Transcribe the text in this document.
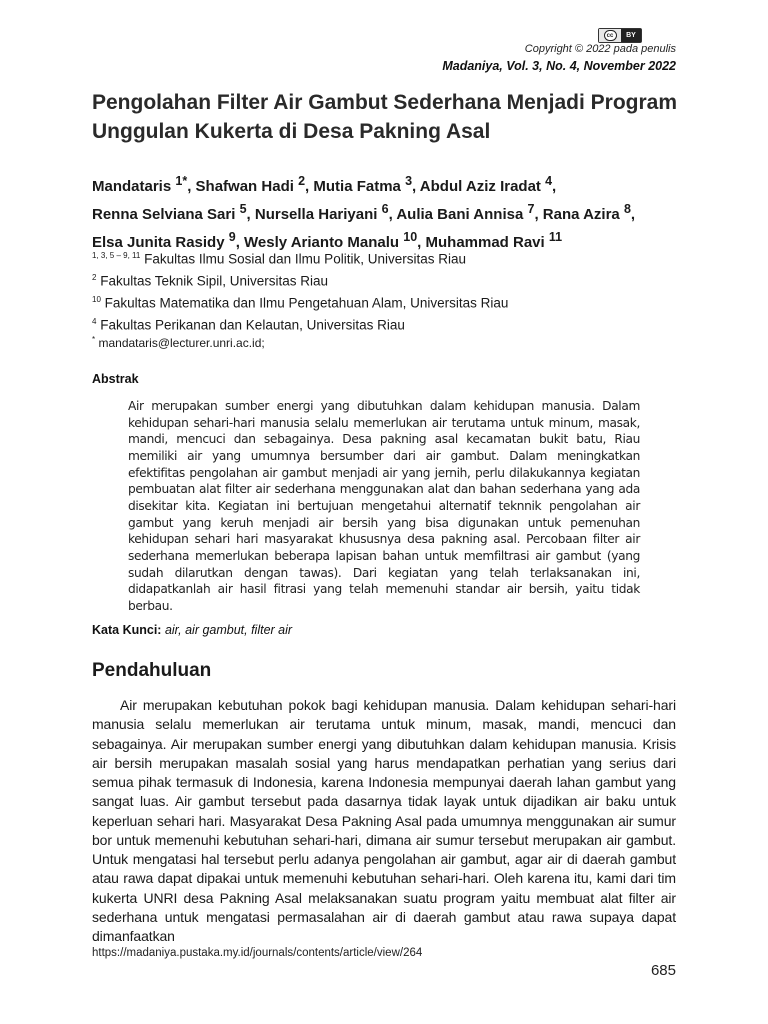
cc	BY
Copyright © 2022 pada penulis
Madaniya, Vol. 3, No. 4, November 2022
Pengolahan Filter Air Gambut Sederhana Menjadi Program Unggulan Kukerta di Desa Pakning Asal

Mandataris $^{1*}$, Shafwan Hadi $^2$, Mutia Fatma $^3$, Abdul Aziz Iradat $^4$,
Renna Selviana Sari $^5$, Nursella Hariyani $^6$, Aulia Bani Annisa $^7$, Rana Azira $^8$,
Elsa Junita Rasidy $^9$, Wesly Arianto Manalu $^{10}$, Muhammad Ravi $^{11}$

$^{1, 3, 5 - 9, 11}$ Fakultas Ilmu Sosial dan Ilmu Politik, Universitas Riau
$^2$ Fakultas Teknik Sipil, Universitas Riau
$^{10}$ Fakultas Matematika dan Ilmu Pengetahuan Alam, Universitas Riau
$^4$ Fakultas Perikanan dan Kelautan, Universitas Riau
* mandataris@lecturer.unri.ac.id;
Abstrak

Air merupakan sumber energi yang dibutuhkan dalam kehidupan manusia. Dalam kehidupan sehari-hari manusia selalu memerlukan air terutama untuk minum, masak, mandi, mencuci dan sebagainya. Desa pakning asal kecamatan bukit batu, Riau memiliki air yang umumnya bersumber dari air gambut. Dalam meningkatkan efektifitas pengolahan air gambut menjadi air yang jernih, perlu dilakukannya kegiatan pembuatan alat filter air sederhana menggunakan alat dan bahan sederhana yang ada disekitar kita. Kegiatan ini bertujuan mengetahui alternatif teknnik pengolahan air gambut yang keruh menjadi air bersih yang bisa digunakan untuk pemenuhan kehidupan sehari hari masyarakat khususnya desa pakning asal. Percobaan filter air sederhana memerlukan beberapa lapisan bahan untuk memfiltrasi air gambut (yang sudah dilarutkan dengan tawas). Dari kegiatan yang telah terlaksanakan ini, didapatkanlah air hasil fitrasi yang telah memenuhi standar air bersih, yaitu tidak berbau.

Kata Kunci: air, air gambut, filter air
Pendahuluan

Air merupakan kebutuhan pokok bagi kehidupan manusia. Dalam kehidupan sehari-hari manusia selalu memerlukan air terutama untuk minum, masak, mandi, mencuci dan sebagainya. Air merupakan sumber energi yang dibutuhkan dalam kehidupan manusia. Krisis air bersih merupakan masalah sosial yang harus mendapatkan perhatian yang serius dari semua pihak termasuk di Indonesia, karena Indonesia mempunyai daerah lahan gambut yang sangat luas. Air gambut tersebut pada dasarnya tidak layak untuk dijadikan air baku untuk keperluan sehari hari. Masyarakat Desa Pakning Asal pada umumnya menggunakan air sumur bor untuk memenuhi kebutuhan sehari-hari, dimana air sumur tersebut merupakan air gambut. Untuk mengatasi hal tersebut perlu adanya pengolahan air gambut, agar air di daerah gambut atau rawa dapat dipakai untuk memenuhi kebutuhan sehari-hari. Oleh karena itu, kami dari tim kukerta UNRI desa Pakning Asal melaksanakan suatu program yaitu membuat alat filter air sederhana untuk mengatasi permasalahan air di daerah gambut atau rawa supaya dapat dimanfaatkan

https://madaniya.pustaka.my.id/journals/contents/article/view/264
685
